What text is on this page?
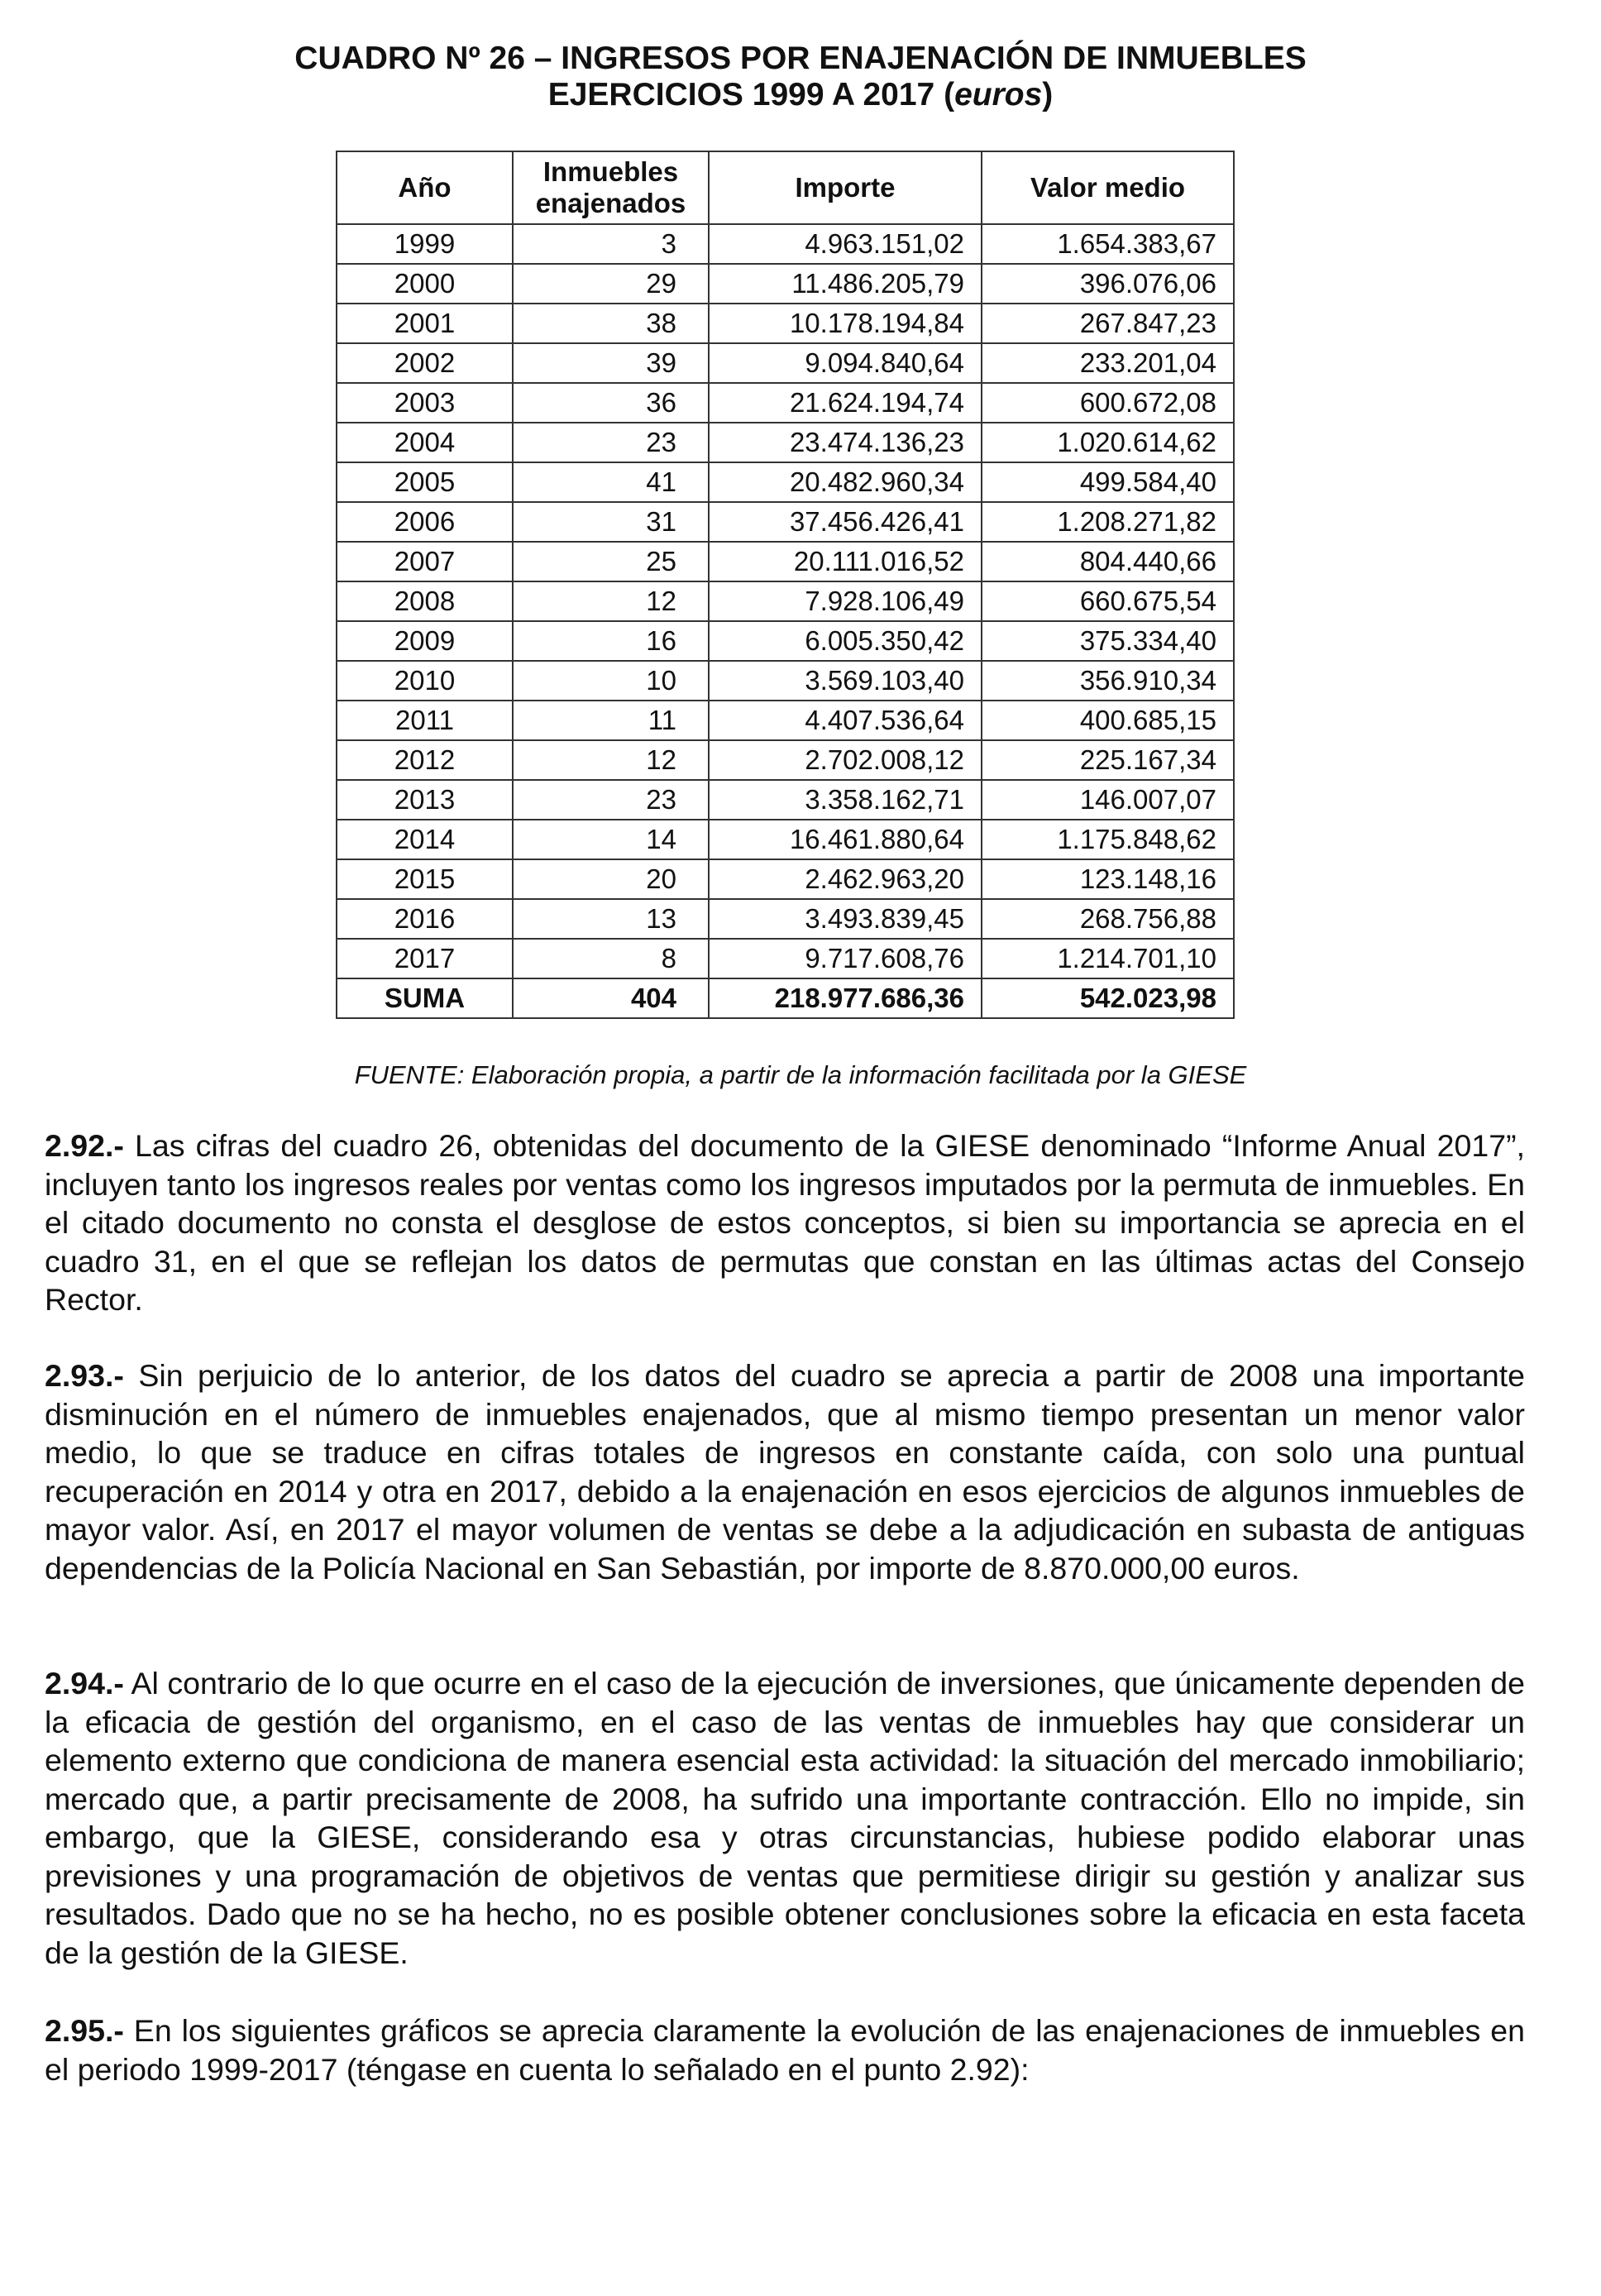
CUADRO Nº 26 – INGRESOS POR ENAJENACIÓN DE INMUEBLES
EJERCICIOS 1999 A 2017 (euros)
Año	Inmuebles enajenados	Importe	Valor medio
1999	3	4.963.151,02	1.654.383,67
2000	29	11.486.205,79	396.076,06
2001	38	10.178.194,84	267.847,23
2002	39	9.094.840,64	233.201,04
2003	36	21.624.194,74	600.672,08
2004	23	23.474.136,23	1.020.614,62
2005	41	20.482.960,34	499.584,40
2006	31	37.456.426,41	1.208.271,82
2007	25	20.111.016,52	804.440,66
2008	12	7.928.106,49	660.675,54
2009	16	6.005.350,42	375.334,40
2010	10	3.569.103,40	356.910,34
2011	11	4.407.536,64	400.685,15
2012	12	2.702.008,12	225.167,34
2013	23	3.358.162,71	146.007,07
2014	14	16.461.880,64	1.175.848,62
2015	20	2.462.963,20	123.148,16
2016	13	3.493.839,45	268.756,88
2017	8	9.717.608,76	1.214.701,10
SUMA	404	218.977.686,36	542.023,98
FUENTE: Elaboración propia, a partir de la información facilitada por la GIESE
2.92.- Las cifras del cuadro 26, obtenidas del documento de la GIESE denominado “Informe Anual 2017”, incluyen tanto los ingresos reales por ventas como los ingresos imputados por la permuta de inmuebles. En el citado documento no consta el desglose de estos conceptos, si bien su importancia se aprecia en el cuadro 31, en el que se reflejan los datos de permutas que constan en las últimas actas del Consejo Rector.
2.93.- Sin perjuicio de lo anterior, de los datos del cuadro se aprecia a partir de 2008 una importante disminución en el número de inmuebles enajenados, que al mismo tiempo presentan un menor valor medio, lo que se traduce en cifras totales de ingresos en constante caída, con solo una puntual recuperación en 2014 y otra en 2017, debido a la enajenación en esos ejercicios de algunos inmuebles de mayor valor. Así, en 2017 el mayor volumen de ventas se debe a la adjudicación en subasta de antiguas dependencias de la Policía Nacional en San Sebastián, por importe de 8.870.000,00 euros.
2.94.- Al contrario de lo que ocurre en el caso de la ejecución de inversiones, que únicamente dependen de la eficacia de gestión del organismo, en el caso de las ventas de inmuebles hay que considerar un elemento externo que condiciona de manera esencial esta actividad: la situación del mercado inmobiliario; mercado que, a partir precisamente de 2008, ha sufrido una importante contracción. Ello no impide, sin embargo, que la GIESE, considerando esa y otras circunstancias, hubiese podido elaborar unas previsiones y una programación de objetivos de ventas que permitiese dirigir su gestión y analizar sus resultados. Dado que no se ha hecho, no es posible obtener conclusiones sobre la eficacia en esta faceta de la gestión de la GIESE.
2.95.- En los siguientes gráficos se aprecia claramente la evolución de las enajenaciones de inmuebles en el periodo 1999-2017 (téngase en cuenta lo señalado en el punto 2.92):
